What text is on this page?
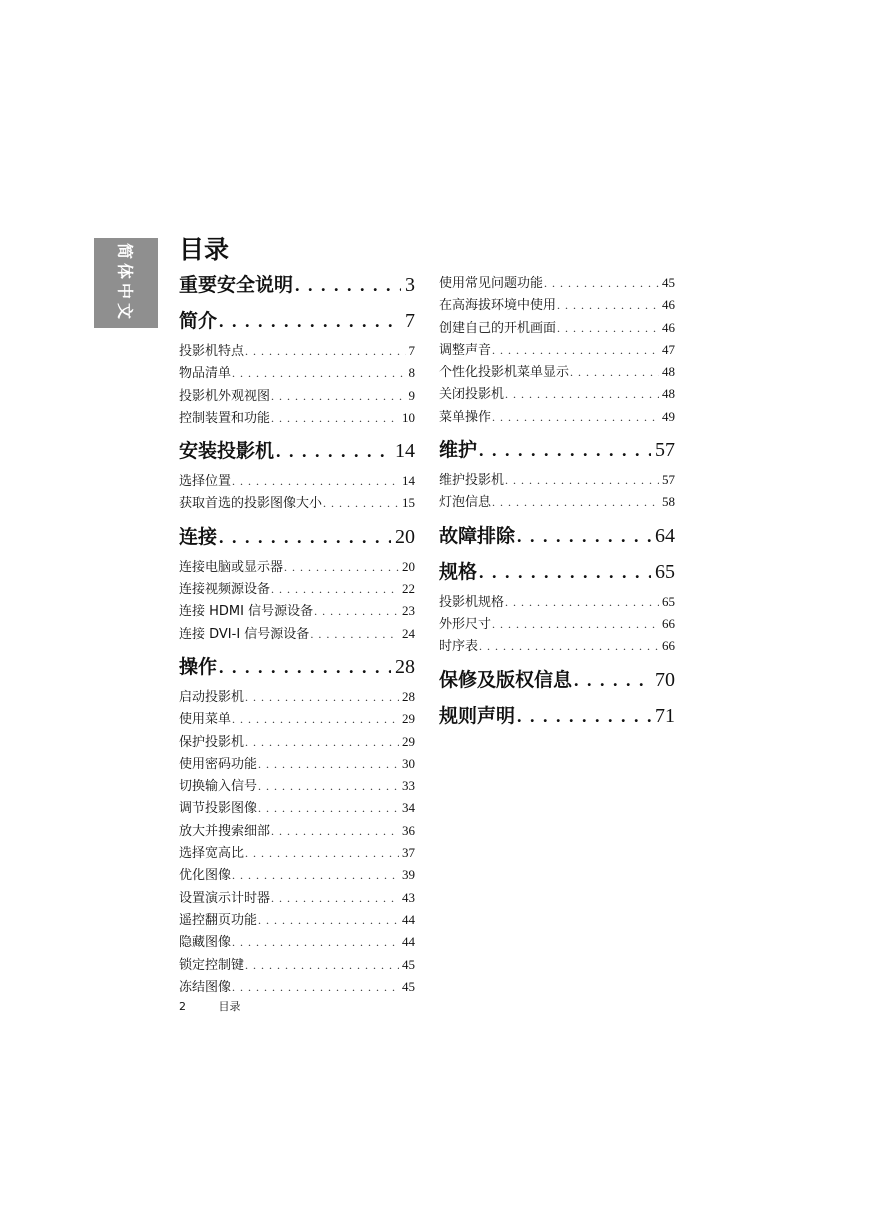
简体中文 目录
重要安全说明 . . .	3
简介 . . .	7
投影机特点 . . .	7
物品清单 . . .	8
投影机外观视图 . . .	9
控制装置和功能 . . .	10
安装投影机 . . .	14
选择位置 . . .	14
获取首选的投影图像大小 . . .	15
连接 . . .	20
连接电脑或显示器 . . .	20
连接视频源设备 . . .	22
连接 HDMI 信号源设备 . . .	23
连接 DVI-I 信号源设备 . . .	24
操作 . . .	28
启动投影机 . . .	28
使用菜单 . . .	29
保护投影机 . . .	29
使用密码功能 . . .	30
切换输入信号 . . .	33
调节投影图像 . . .	34
放大并搜索细部 . . .	36
选择宽高比 . . .	37
优化图像 . . .	39
设置演示计时器 . . .	43
遥控翻页功能 . . .	44
隐藏图像 . . .	44
锁定控制键 . . .	45
冻结图像 . . .	45
使用常见问题功能 . . .	45
在高海拔环境中使用 . . .	46
创建自己的开机画面 . . .	46
调整声音 . . .	47
个性化投影机菜单显示 . . .	48
关闭投影机 . . .	48
菜单操作 . . .	49
维护 . . .	57
维护投影机 . . .	57
灯泡信息 . . .	58
故障排除 . . .	64
规格 . . .	65
投影机规格 . . .	65
外形尺寸 . . .	66
时序表 . . .	66
保修及版权信息 . . .	70
规则声明 . . .	71
2	目录
